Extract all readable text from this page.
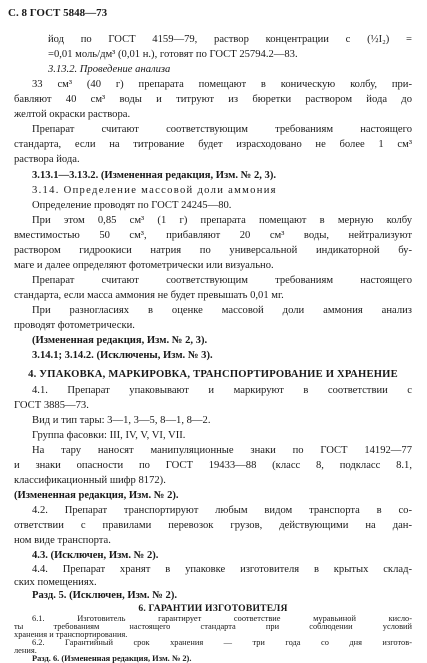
С. 8 ГОСТ 5848—73

йод по ГОСТ 4159—79, раствор концентрации с (½I₂) =

=0,01 моль/дм³ (0,01 н.), готовят по ГОСТ 25794.2—83.

3.13.2. Проведение анализа

33 см³ (40 г) препарата помещают в коническую колбу, при-

бавляют 40 см³ воды и титруют из бюретки раствором йода до

желтой окраски раствора.

Препарат считают соответствующим требованиям настоящего

стандарта, если на титрование будет израсходовано не более 1 см³

раствора йода.

3.13.1—3.13.2. (Измененная редакция, Изм. № 2, 3).

3.14. Определение массовой доли аммония

Определение проводят по ГОСТ 24245—80.

При этом 0,85 см³ (1 г) препарата помещают в мерную колбу

вместимостью 50 см³, прибавляют 20 см³ воды, нейтрализуют

раствором гидроокиси натрия по универсальной индикаторной бу-

маге и далее определяют фотометрически или визуально.

Препарат считают соответствующим требованиям настоящего

стандарта, если масса аммония не будет превышать 0,01 мг.

При разногласиях в оценке массовой доли аммония анализ

проводят фотометрически.

(Измененная редакция, Изм. № 2, 3).

3.14.1; 3.14.2. (Исключены, Изм. № 3).

4. УПАКОВКА, МАРКИРОВКА, ТРАНСПОРТИРОВАНИЕ И ХРАНЕНИЕ

4.1. Препарат упаковывают и маркируют в соответствии с

ГОСТ 3885—73.

Вид и тип тары: 3—1, 3—5, 8—1, 8—2.

Группа фасовки: III, IV, V, VI, VII.

На тару наносят манипуляционные знаки по ГОСТ 14192—77

и знаки опасности по ГОСТ 19433—88 (класс 8, подкласс 8.1,

классификационный шифр 8172).

(Измененная редакция, Изм. № 2).

4.2. Препарат транспортируют любым видом транспорта в со-

ответствии с правилами перевозок грузов, действующими на дан-

ном виде транспорта.

4.3. (Исключен, Изм. № 2).

4.4. Препарат хранят в упаковке изготовителя в крытых склад-

ских помещениях.

Разд. 5. (Исключен, Изм. № 2).

6. ГАРАНТИИ ИЗГОТОВИТЕЛЯ

6.1. Изготовитель гарантирует соответствие муравьиной кисло-

ты требованиям настоящего стандарта при соблюдении условий

хранения и транспортирования.

6.2. Гарантийный срок хранения — три года со дня изготов-

ления.

Разд. 6. (Измененная редакция, Изм. № 2).
